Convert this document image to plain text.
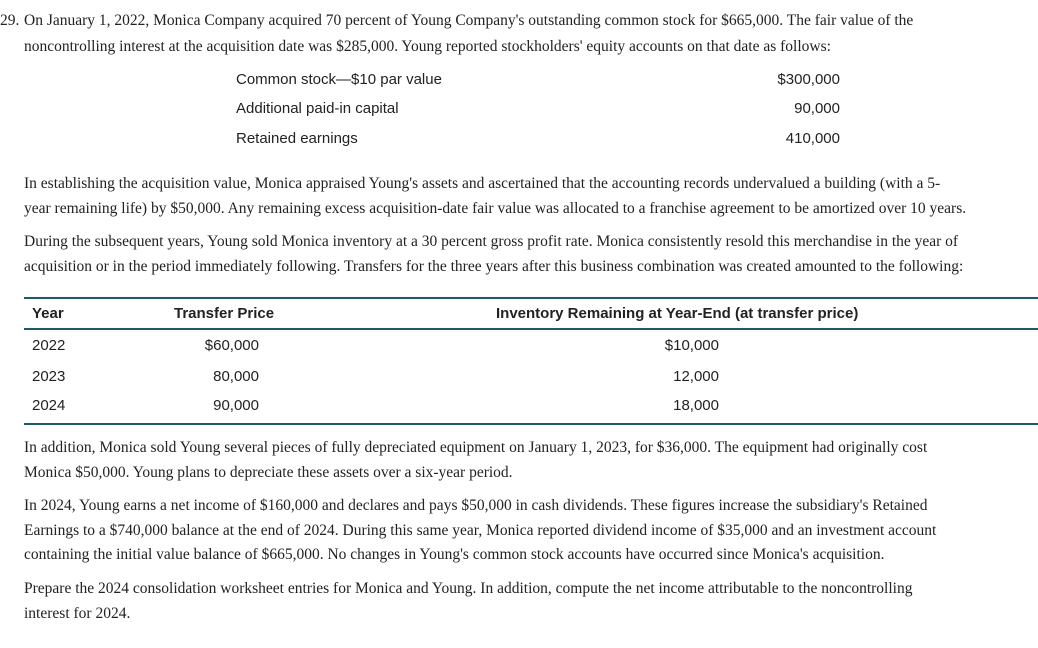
29. On January 1, 2022, Monica Company acquired 70 percent of Young Company's outstanding common stock for $665,000. The fair value of the
noncontrolling interest at the acquisition date was $285,000. Young reported stockholders' equity accounts on that date as follows:
Common stock—$10 par value	$300,000
Additional paid-in capital	90,000
Retained earnings	410,000
In establishing the acquisition value, Monica appraised Young's assets and ascertained that the accounting records undervalued a building (with a 5-
year remaining life) by $50,000. Any remaining excess acquisition-date fair value was allocated to a franchise agreement to be amortized over 10 years.
During the subsequent years, Young sold Monica inventory at a 30 percent gross profit rate. Monica consistently resold this merchandise in the year of
acquisition or in the period immediately following. Transfers for the three years after this business combination was created amounted to the following:
Year	Transfer Price	Inventory Remaining at Year-End (at transfer price)
2022	$60,000	$10,000
2023	80,000	12,000
2024	90,000	18,000
In addition, Monica sold Young several pieces of fully depreciated equipment on January 1, 2023, for $36,000. The equipment had originally cost
Monica $50,000. Young plans to depreciate these assets over a six-year period.
In 2024, Young earns a net income of $160,000 and declares and pays $50,000 in cash dividends. These figures increase the subsidiary's Retained
Earnings to a $740,000 balance at the end of 2024. During this same year, Monica reported dividend income of $35,000 and an investment account
containing the initial value balance of $665,000. No changes in Young's common stock accounts have occurred since Monica's acquisition.
Prepare the 2024 consolidation worksheet entries for Monica and Young. In addition, compute the net income attributable to the noncontrolling
interest for 2024.
